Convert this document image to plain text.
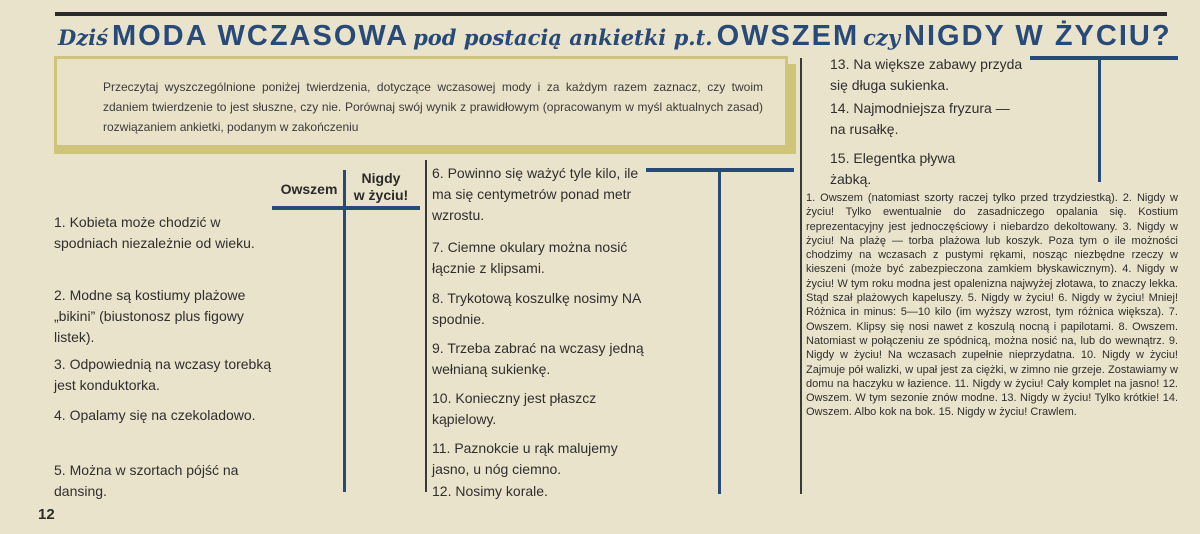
Dziś MODA WCZASOWA pod postacią ankietki p.t. OWSZEM czy NIGDY W ŻYCIU?
Przeczytaj wyszczególnione poniżej twierdzenia, dotyczące wczasowej mody i za każdym razem zaznacz, czy twoim zdaniem twierdzenie to jest słuszne, czy nie. Porównaj swój wynik z prawidłowym (opracowanym w myśl aktualnych zasad) rozwiązaniem ankietki, podanym w zakończeniu
Owszem
Nigdy
w życiu!
1. Kobieta może chodzić w spodniach niezależnie od wieku.
2. Modne są kostiumy plażowe „bikini” (biustonosz plus figowy listek).
3. Odpowiednią na wczasy torebką jest konduktorka.
4. Opalamy się na czekoladowo.
5. Można w szortach pójść na dansing.
6. Powinno się ważyć tyle kilo, ile ma się centymetrów ponad metr wzrostu.
7. Ciemne okulary można nosić łącznie z klipsami.
8. Trykotową koszulkę nosimy NA spodnie.
9. Trzeba zabrać na wczasy jedną wełnianą sukienkę.
10. Konieczny jest płaszcz kąpielowy.
11. Paznokcie u rąk malujemy jasno, u nóg ciemno.
12. Nosimy korale.
13. Na większe zabawy przyda się długa sukienka.
14. Najmodniejsza fryzura — na rusałkę.
15. Elegentka pływa żabką.
1. Owszem (natomiast szorty raczej tylko przed trzydziestką). 2. Nigdy w życiu! Tylko ewentualnie do zasadniczego opalania się. Kostium reprezentacyjny jest jednoczęściowy i niebardzo dekoltowany. 3. Nigdy w życiu! Na plażę — torba plażowa lub koszyk. Poza tym o ile możności chodzimy na wczasach z pustymi rękami, nosząc niezbędne rzeczy w kieszeni (może być zabezpieczona zamkiem błyskawicznym). 4. Nigdy w życiu! W tym roku modna jest opalenizna najwyżej złotawa, to znaczy lekka. Stąd szał plażowych kapeluszy. 5. Nigdy w życiu! 6. Nigdy w życiu! Mniej! Różnica in minus: 5—10 kilo (im wyższy wzrost, tym różnica większa). 7. Owszem. Klipsy się nosi nawet z koszulą nocną i papilotami. 8. Owszem. Natomiast w połączeniu ze spódnicą, można nosić na, lub do wewnątrz. 9. Nigdy w życiu! Na wczasach zupełnie nieprzydatna. 10. Nigdy w życiu! Zajmuje pół walizki, w upał jest za ciężki, w zimno nie grzeje. Zostawiamy w domu na haczyku w łazience. 11. Nigdy w życiu! Cały komplet na jasno! 12. Owszem. W tym sezonie znów modne. 13. Nigdy w życiu! Tylko krótkie! 14. Owszem. Albo kok na bok. 15. Nigdy w życiu! Crawlem.
12
